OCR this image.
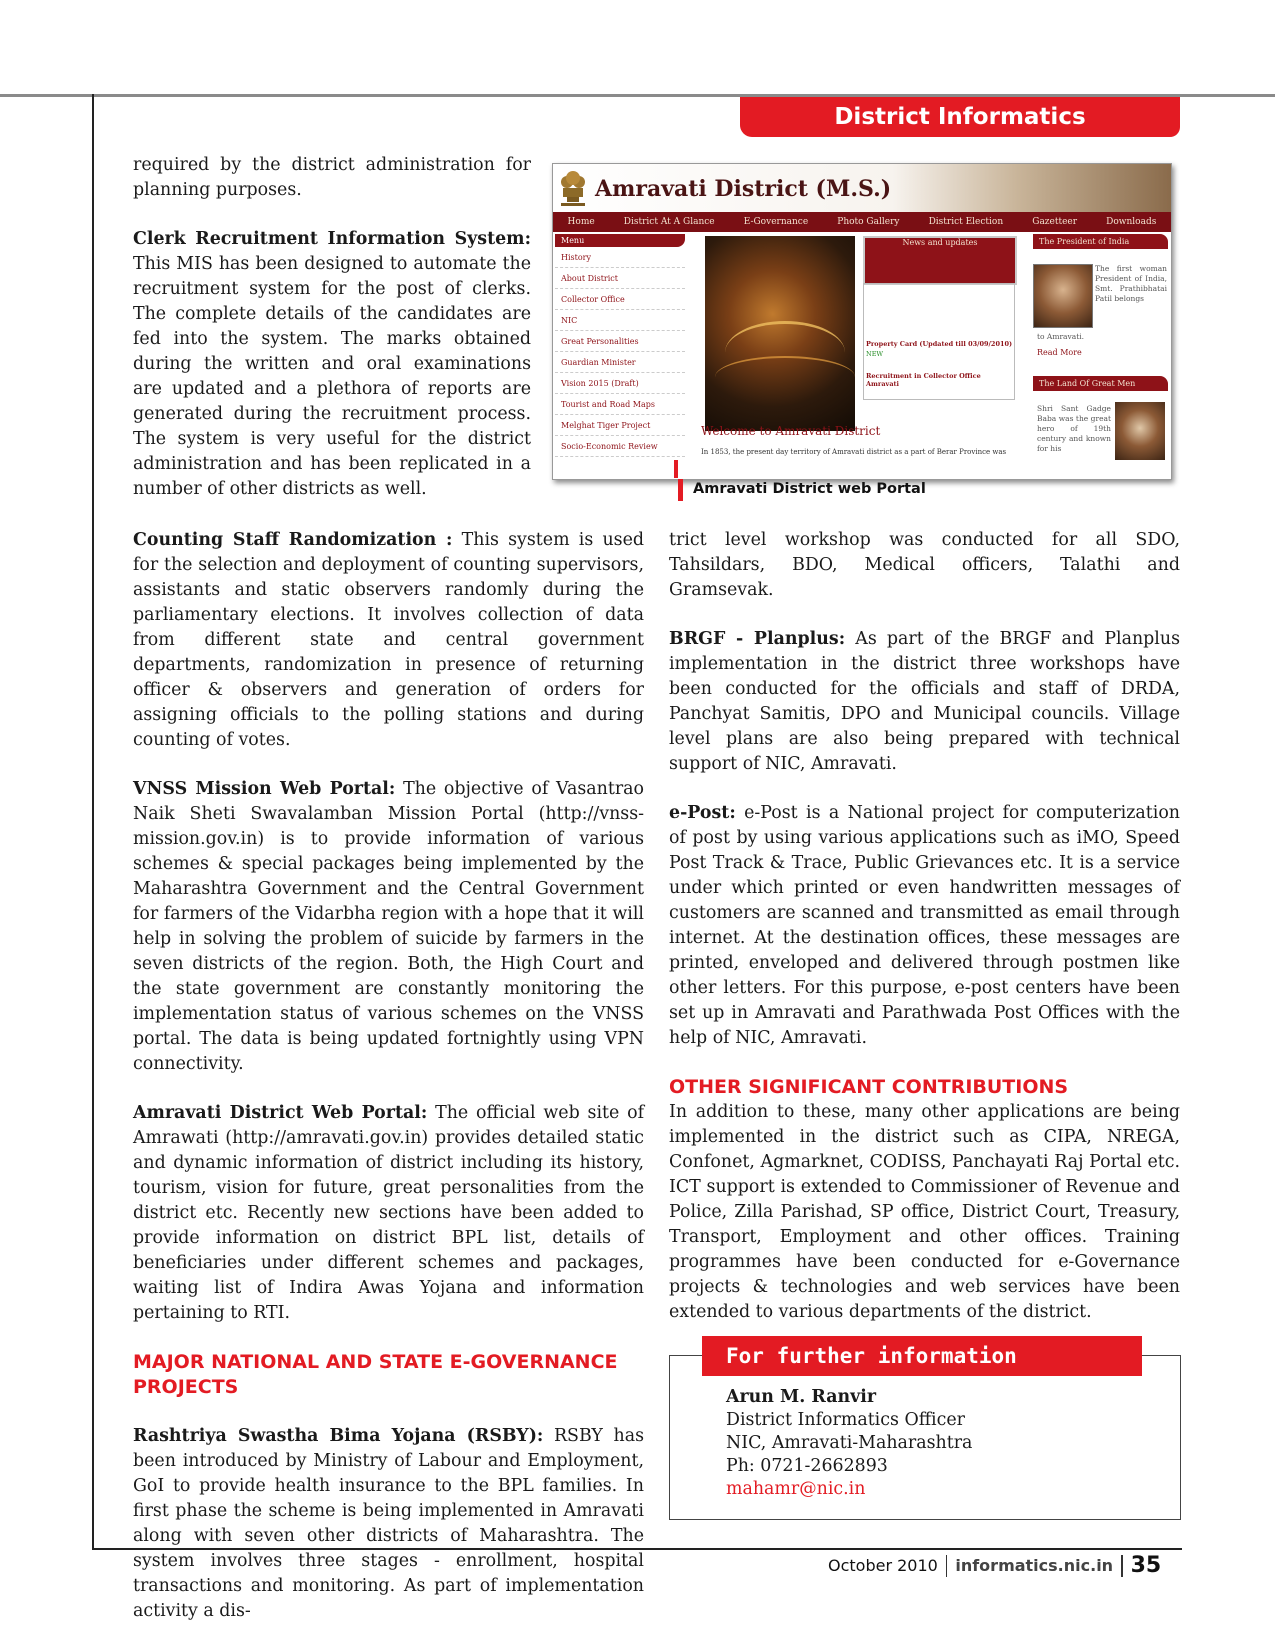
District Informatics

required by the district administration for planning purposes.

Clerk Recruitment Information System: This MIS has been designed to automate the recruitment system for the post of clerks. The complete details of the candidates are fed into the system. The marks obtained during the written and oral examinations are updated and a plethora of reports are generated during the recruitment process. The system is very useful for the district administration and has been replicated in a number of other districts as well.

Amravati District (M.S.)
Home	District At A Glance	E-Governance	Photo Gallery	District Election	Gazetteer	Downloads
Menu
History
About District
Collector Office
NIC
Great Personalities
Guardian Minister
Vision 2015 (Draft)
Tourist and Road Maps
Melghat Tiger Project
Socio-Economic Review
News and updates
Property Card (Updated till 03/09/2010)
NEW
Recruitment in Collector Office Amravati
Welcome to Amravati District
In 1853, the present day territory of Amravati district as a part of Berar Province was
The President of India
The first woman President of India, Smt. Prathibhatai Patil belongs
to Amravati.
Read More
The Land Of Great Men
Shri Sant Gadge Baba was the great hero of 19th century and known for his
Amravati District web Portal

Counting Staff Randomization : This system is used for the selection and deployment of counting supervisors, assistants and static observers randomly during the parliamentary elections. It involves collection of data from different state and central government departments, randomization in presence of returning officer & observers and generation of orders for assigning officials to the polling stations and during counting of votes.

VNSS Mission Web Portal: The objective of Vasantrao Naik Sheti Swavalamban Mission Portal (http://vnss-mission.gov.in) is to provide information of various schemes & special packages being implemented by the Maharashtra Government and the Central Government for farmers of the Vidarbha region with a hope that it will help in solving the problem of suicide by farmers in the seven districts of the region. Both, the High Court and the state government are constantly monitoring the implementation status of various schemes on the VNSS portal. The data is being updated fortnightly using VPN connectivity.

Amravati District Web Portal: The official web site of Amrawati (http://amravati.gov.in) provides detailed static and dynamic information of district including its history, tourism, vision for future, great personalities from the district etc. Recently new sections have been added to provide information on district BPL list, details of beneficiaries under different schemes and packages, waiting list of Indira Awas Yojana and information pertaining to RTI.

MAJOR NATIONAL AND STATE E-GOVERNANCE PROJECTS

Rashtriya Swastha Bima Yojana (RSBY): RSBY has been introduced by Ministry of Labour and Employment, GoI to provide health insurance to the BPL families. In first phase the scheme is being implemented in Amravati along with seven other districts of Maharashtra. The system involves three stages - enrollment, hospital transactions and monitoring. As part of implementation activity a dis-

trict level workshop was conducted for all SDO, Tahsildars, BDO, Medical officers, Talathi and Gramsevak.

BRGF - Planplus: As part of the BRGF and Planplus implementation in the district three workshops have been conducted for the officials and staff of DRDA, Panchyat Samitis, DPO and Municipal councils. Village level plans are also being prepared with technical support of NIC, Amravati.

e-Post: e-Post is a National project for computerization of post by using various applications such as iMO, Speed Post Track & Trace, Public Grievances etc. It is a service under which printed or even handwritten messages of customers are scanned and transmitted as email through internet. At the destination offices, these messages are printed, enveloped and delivered through postmen like other letters. For this purpose, e-post centers have been set up in Amravati and Parathwada Post Offices with the help of NIC, Amravati.

OTHER SIGNIFICANT CONTRIBUTIONS

In addition to these, many other applications are being implemented in the district such as CIPA, NREGA, Confonet, Agmarknet, CODISS, Panchayati Raj Portal etc. ICT support is extended to Commissioner of Revenue and Police, Zilla Parishad, SP office, District Court, Treasury, Transport, Employment and other offices. Training programmes have been conducted for e-Governance projects & technologies and web services have been extended to various departments of the district.

For further information
Arun M. Ranvir
District Informatics Officer
NIC, Amravati-Maharashtra
Ph: 0721-2662893
mahamr@nic.in
October 2010 informatics.nic.in 35
